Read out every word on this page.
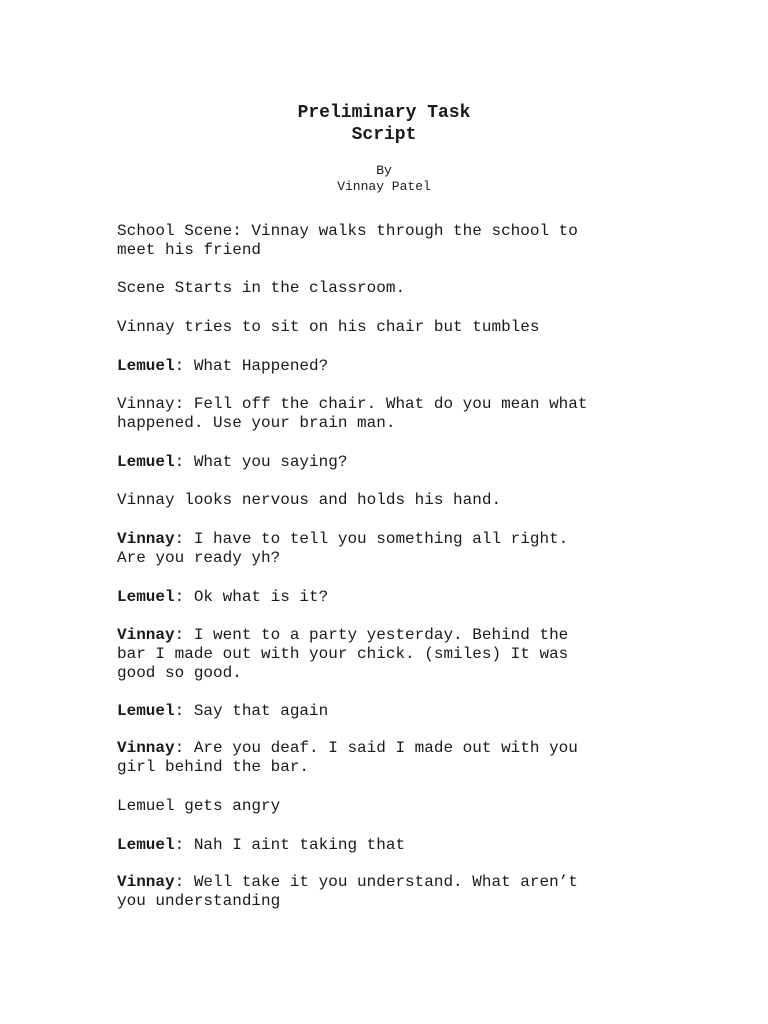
Preliminary Task
Script
By
Vinnay Patel
School Scene: Vinnay walks through the school to
meet his friend
Scene Starts in the classroom.
Vinnay tries to sit on his chair but tumbles
Lemuel: What Happened?
Vinnay: Fell off the chair. What do you mean what
happened. Use your brain man.
Lemuel: What you saying?
Vinnay looks nervous and holds his hand.
Vinnay: I have to tell you something all right.
Are you ready yh?
Lemuel: Ok what is it?
Vinnay: I went to a party yesterday. Behind the
bar I made out with your chick. (smiles) It was
good so good.
Lemuel: Say that again
Vinnay: Are you deaf. I said I made out with you
girl behind the bar.
Lemuel gets angry
Lemuel: Nah I aint taking that
Vinnay: Well take it you understand. What aren’t
you understanding
